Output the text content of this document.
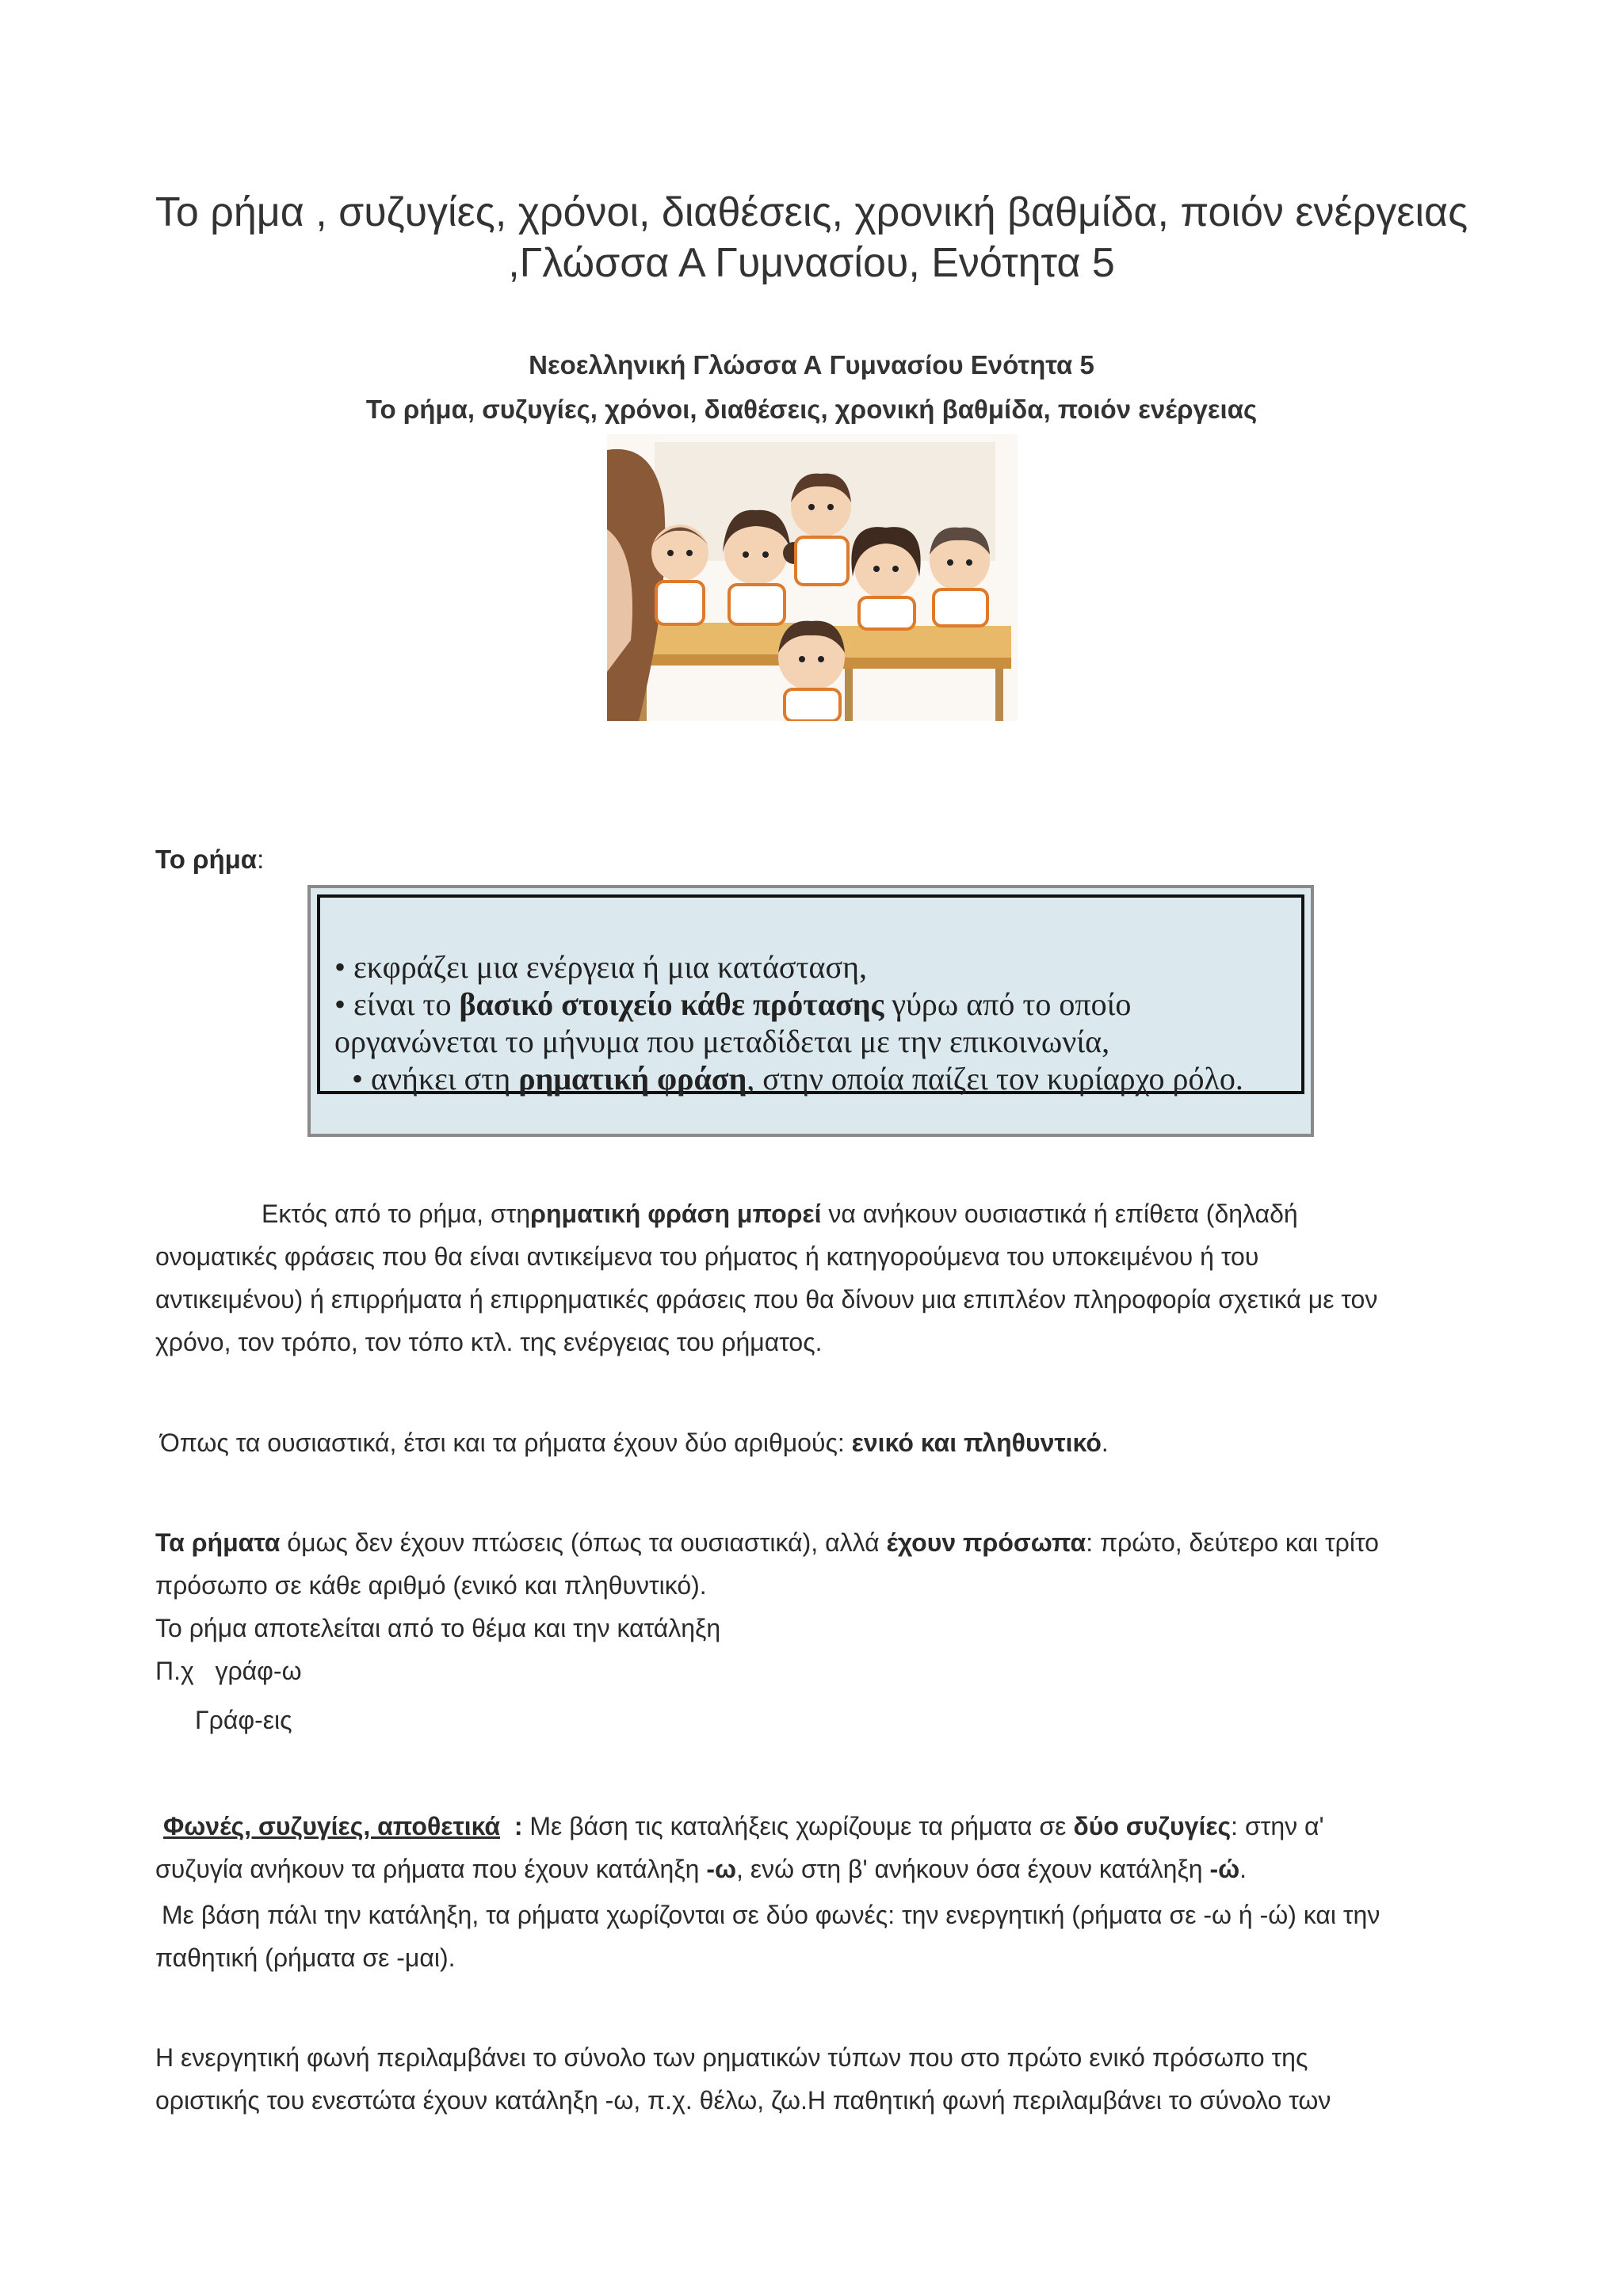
Το ρήμα , συζυγίες, χρόνοι, διαθέσεις, χρονική βαθμίδα, ποιόν ενέργειας
,Γλώσσα Α Γυμνασίου, Ενότητα 5
Νεοελληνική Γλώσσα Α Γυμνασίου Ενότητα 5
Το ρήμα, συζυγίες, χρόνοι, διαθέσεις, χρονική βαθμίδα, ποιόν ενέργειας
Το ρήμα:
• εκφράζει μια ενέργεια ή μια κατάσταση,
• είναι το βασικό στοιχείο κάθε πρότασης γύρω από το οποίο
οργανώνεται το μήνυμα που μεταδίδεται με την επικοινωνία,
• ανήκει στη ρηματική φράση, στην οποία παίζει τον κυρίαρχο ρόλο.
Εκτός από το ρήμα, στηρηματική φράση μπορεί να ανήκουν ουσιαστικά ή επίθετα (δηλαδή
ονοματικές φράσεις που θα είναι αντικείμενα του ρήματος ή κατηγορούμενα του υποκειμένου ή του
αντικειμένου) ή επιρρήματα ή επιρρηματικές φράσεις που θα δίνουν μια επιπλέον πληροφορία σχετικά με τον
χρόνο, τον τρόπο, τον τόπο κτλ. της ενέργειας του ρήματος.
Όπως τα ουσιαστικά, έτσι και τα ρήματα έχουν δύο αριθμούς: ενικό και πληθυντικό.
Τα ρήματα όμως δεν έχουν πτώσεις (όπως τα ουσιαστικά), αλλά έχουν πρόσωπα: πρώτο, δεύτερο και τρίτο
πρόσωπο σε κάθε αριθμό (ενικό και πληθυντικό).
Το ρήμα αποτελείται από το θέμα και την κατάληξη
Π.χ   γράφ-ω
Γράφ-εις
Φωνές, συζυγίες, αποθετικά  : Με βάση τις καταλήξεις χωρίζουμε τα ρήματα σε δύο συζυγίες: στην α'
συζυγία ανήκουν τα ρήματα που έχουν κατάληξη -ω, ενώ στη β' ανήκουν όσα έχουν κατάληξη -ώ.
Με βάση πάλι την κατάληξη, τα ρήματα χωρίζονται σε δύο φωνές: την ενεργητική (ρήματα σε -ω ή -ώ) και την
παθητική (ρήματα σε -μαι).
Η ενεργητική φωνή περιλαμβάνει το σύνολο των ρηματικών τύπων που στο πρώτο ενικό πρόσωπο της
οριστικής του ενεστώτα έχουν κατάληξη -ω, π.χ. θέλω, ζω.Η παθητική φωνή περιλαμβάνει το σύνολο των
